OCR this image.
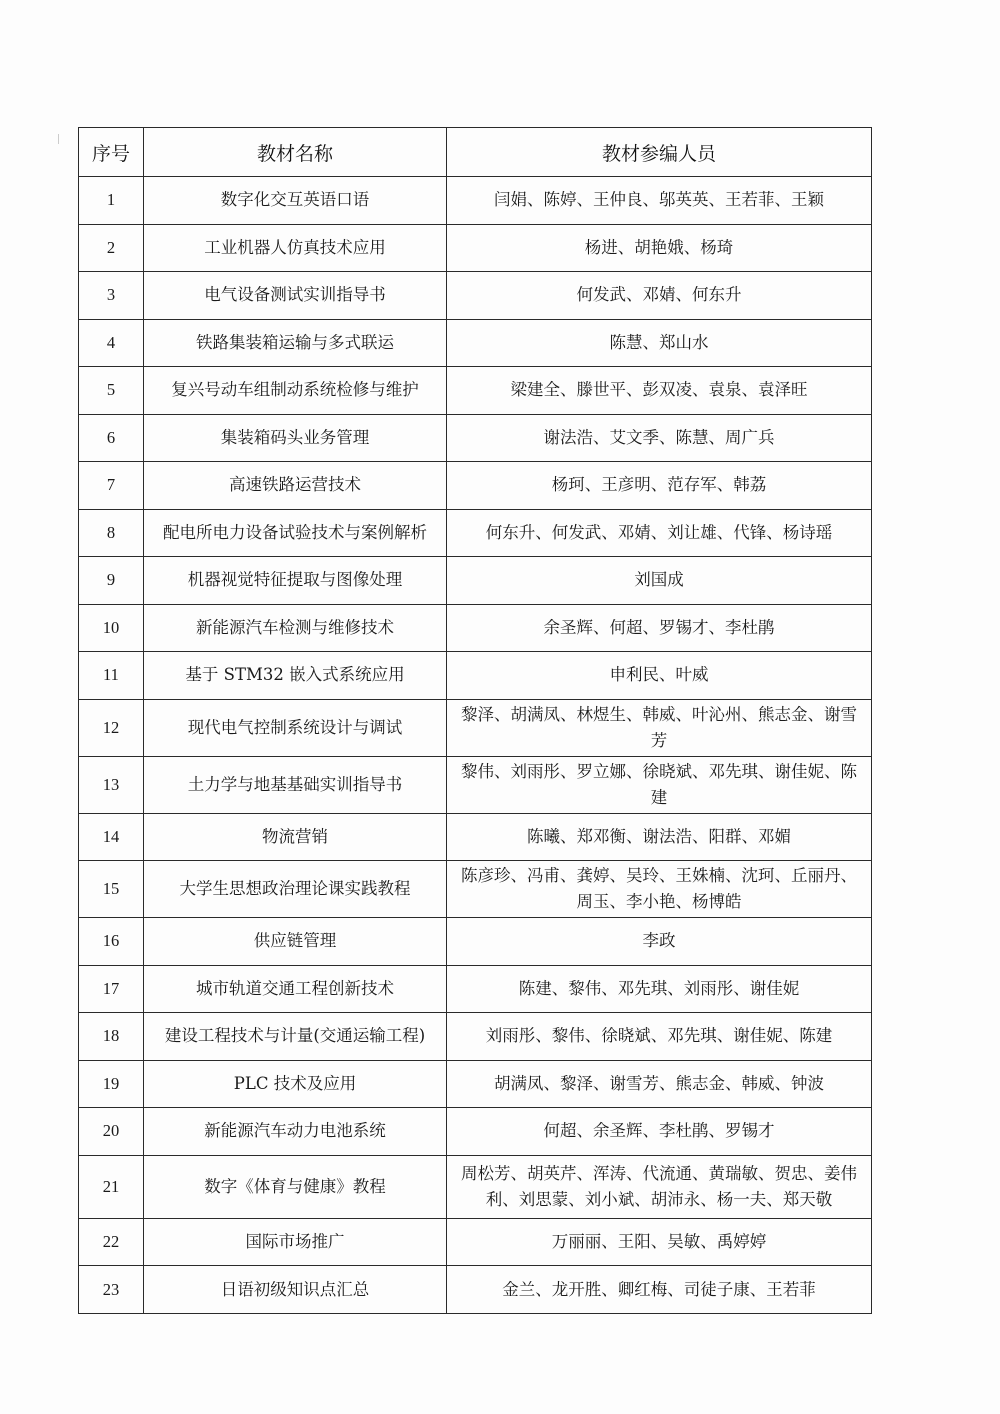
序号	教材名称	教材参编人员
1	数字化交互英语口语	闫娟、陈婷、王仲良、邬英英、王若菲、王颖
2	工业机器人仿真技术应用	杨进、胡艳娥、杨琦
3	电气设备测试实训指导书	何发武、邓婧、何东升
4	铁路集装箱运输与多式联运	陈慧、郑山水
5	复兴号动车组制动系统检修与维护	梁建全、滕世平、彭双凌、袁泉、袁泽旺
6	集装箱码头业务管理	谢法浩、艾文季、陈慧、周广兵
7	高速铁路运营技术	杨珂、王彦明、范存军、韩荔
8	配电所电力设备试验技术与案例解析	何东升、何发武、邓婧、刘让雄、代锋、杨诗瑶
9	机器视觉特征提取与图像处理	刘国成
10	新能源汽车检测与维修技术	余圣辉、何超、罗锡才、李杜鹃
11	基于 STM32 嵌入式系统应用	申利民、叶威
12	现代电气控制系统设计与调试	黎泽、胡满凤、林煜生、韩威、叶沁州、熊志金、谢雪芳
13	土力学与地基基础实训指导书	黎伟、刘雨彤、罗立娜、徐晓斌、邓先琪、谢佳妮、陈建
14	物流营销	陈曦、郑邓衡、谢法浩、阳群、邓媚
15	大学生思想政治理论课实践教程	陈彦珍、冯甫、龚婷、吴玲、王姝楠、沈珂、丘丽丹、周玉、李小艳、杨博皓
16	供应链管理	李政
17	城市轨道交通工程创新技术	陈建、黎伟、邓先琪、刘雨彤、谢佳妮
18	建设工程技术与计量(交通运输工程)	刘雨彤、黎伟、徐晓斌、邓先琪、谢佳妮、陈建
19	PLC 技术及应用	胡满凤、黎泽、谢雪芳、熊志金、韩威、钟波
20	新能源汽车动力电池系统	何超、余圣辉、李杜鹃、罗锡才
21	数字《体育与健康》教程	周松芳、胡英芹、浑涛、代流通、黄瑞敏、贺忠、姜伟利、刘思蒙、刘小斌、胡沛永、杨一夫、郑天敬
22	国际市场推广	万丽丽、王阳、吴敏、禹婷婷
23	日语初级知识点汇总	金兰、龙开胜、卿红梅、司徒子康、王若菲
